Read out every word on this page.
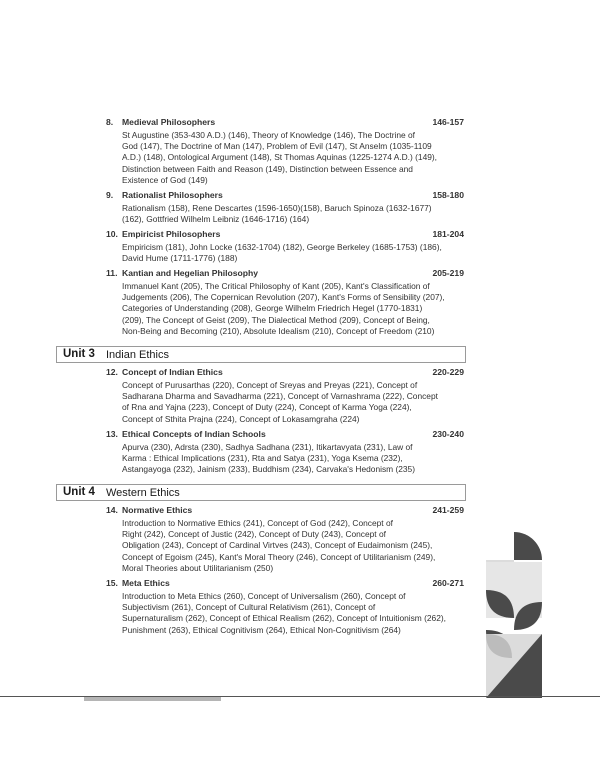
8. Medieval Philosophers	146-157
St Augustine (353-430 A.D.) (146), Theory of Knowledge (146), The Doctrine of
God (147), The Doctrine of Man (147), Problem of Evil (147), St Anselm (1035-1109
A.D.) (148), Ontological Argument (148), St Thomas Aquinas (1225-1274 A.D.) (149),
Distinction between Faith and Reason (149), Distinction between Essence and
Existence of God (149)
9. Rationalist Philosophers	158-180
Rationalism (158), Rene Descartes (1596-1650)(158), Baruch Spinoza (1632-1677)
(162), Gottfried Wilhelm Leibniz (1646-1716) (164)
10. Empiricist Philosophers	181-204
Empiricism (181), John Locke (1632-1704) (182), George Berkeley (1685-1753) (186),
David Hume (1711-1776) (188)
11. Kantian and Hegelian Philosophy	205-219
Immanuel Kant (205), The Critical Philosophy of Kant (205), Kant's Classification of
Judgements (206), The Copernican Revolution (207), Kant's Forms of Sensibility (207),
Categories of Understanding (208), George Wilhelm Friedrich Hegel (1770-1831)
(209), The Concept of Geist (209), The Dialectical Method (209), Concept of Being,
Non-Being and Becoming (210), Absolute Idealism (210), Concept of Freedom (210)
Unit 3 Indian Ethics
12. Concept of Indian Ethics	220-229
Concept of Purusarthas (220), Concept of Sreyas and Preyas (221), Concept of
Sadharana Dharma and Savadharma (221), Concept of Varnashrama (222), Concept
of Rna and Yajna (223), Concept of Duty (224), Concept of Karma Yoga (224),
Concept of Sthita Prajna (224), Concept of Lokasamgraha (224)
13. Ethical Concepts of Indian Schools	230-240
Apurva (230), Adrsta (230), Sadhya Sadhana (231), Itikartavyata (231), Law of
Karma : Ethical Implications (231), Rta and Satya (231), Yoga Ksema (232),
Astangayoga (232), Jainism (233), Buddhism (234), Carvaka's Hedonism (235)
Unit 4 Western Ethics
14. Normative Ethics	241-259
Introduction to Normative Ethics (241), Concept of God (242), Concept of
Right (242), Concept of Justic (242), Concept of Duty (243), Concept of
Obligation (243), Concept of Cardinal Virtves (243), Concept of Eudaimonism (245),
Concept of Egoism (245), Kant's Moral Theory (246), Concept of Utilitarianism (249),
Moral Theories about Utilitarianism (250)
15. Meta Ethics	260-271
Introduction to Meta Ethics (260), Concept of Universalism (260), Concept of
Subjectivism (261), Concept of Cultural Relativism (261), Concept of
Supernaturalism (262), Concept of Ethical Realism (262), Concept of Intuitionism (262),
Punishment (263), Ethical Cognitivism (264), Ethical Non-Cognitivism (264)
